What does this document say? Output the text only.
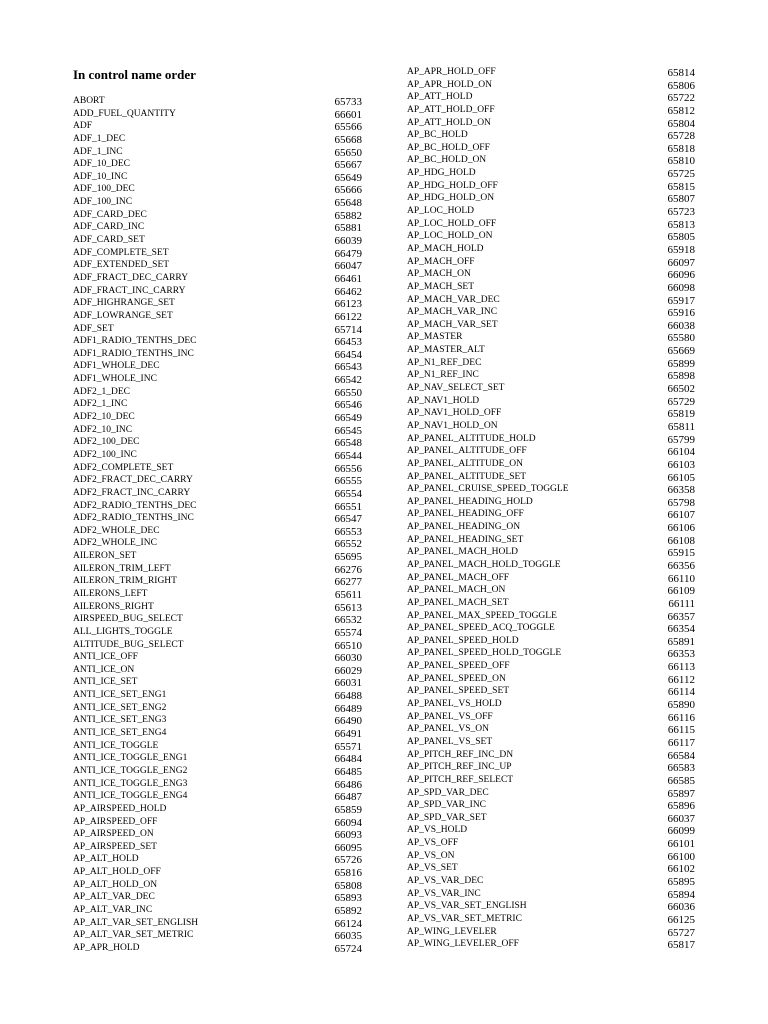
In control name order
ABORT	65733
ADD_FUEL_QUANTITY	66601
ADF	65566
ADF_1_DEC	65668
ADF_1_INC	65650
ADF_10_DEC	65667
ADF_10_INC	65649
ADF_100_DEC	65666
ADF_100_INC	65648
ADF_CARD_DEC	65882
ADF_CARD_INC	65881
ADF_CARD_SET	66039
ADF_COMPLETE_SET	66479
ADF_EXTENDED_SET	66047
ADF_FRACT_DEC_CARRY	66461
ADF_FRACT_INC_CARRY	66462
ADF_HIGHRANGE_SET	66123
ADF_LOWRANGE_SET	66122
ADF_SET	65714
ADF1_RADIO_TENTHS_DEC	66453
ADF1_RADIO_TENTHS_INC	66454
ADF1_WHOLE_DEC	66543
ADF1_WHOLE_INC	66542
ADF2_1_DEC	66550
ADF2_1_INC	66546
ADF2_10_DEC	66549
ADF2_10_INC	66545
ADF2_100_DEC	66548
ADF2_100_INC	66544
ADF2_COMPLETE_SET	66556
ADF2_FRACT_DEC_CARRY	66555
ADF2_FRACT_INC_CARRY	66554
ADF2_RADIO_TENTHS_DEC	66551
ADF2_RADIO_TENTHS_INC	66547
ADF2_WHOLE_DEC	66553
ADF2_WHOLE_INC	66552
AILERON_SET	65695
AILERON_TRIM_LEFT	66276
AILERON_TRIM_RIGHT	66277
AILERONS_LEFT	65611
AILERONS_RIGHT	65613
AIRSPEED_BUG_SELECT	66532
ALL_LIGHTS_TOGGLE	65574
ALTITUDE_BUG_SELECT	66510
ANTI_ICE_OFF	66030
ANTI_ICE_ON	66029
ANTI_ICE_SET	66031
ANTI_ICE_SET_ENG1	66488
ANTI_ICE_SET_ENG2	66489
ANTI_ICE_SET_ENG3	66490
ANTI_ICE_SET_ENG4	66491
ANTI_ICE_TOGGLE	65571
ANTI_ICE_TOGGLE_ENG1	66484
ANTI_ICE_TOGGLE_ENG2	66485
ANTI_ICE_TOGGLE_ENG3	66486
ANTI_ICE_TOGGLE_ENG4	66487
AP_AIRSPEED_HOLD	65859
AP_AIRSPEED_OFF	66094
AP_AIRSPEED_ON	66093
AP_AIRSPEED_SET	66095
AP_ALT_HOLD	65726
AP_ALT_HOLD_OFF	65816
AP_ALT_HOLD_ON	65808
AP_ALT_VAR_DEC	65893
AP_ALT_VAR_INC	65892
AP_ALT_VAR_SET_ENGLISH	66124
AP_ALT_VAR_SET_METRIC	66035
AP_APR_HOLD	65724
AP_APR_HOLD_OFF	65814
AP_APR_HOLD_ON	65806
AP_ATT_HOLD	65722
AP_ATT_HOLD_OFF	65812
AP_ATT_HOLD_ON	65804
AP_BC_HOLD	65728
AP_BC_HOLD_OFF	65818
AP_BC_HOLD_ON	65810
AP_HDG_HOLD	65725
AP_HDG_HOLD_OFF	65815
AP_HDG_HOLD_ON	65807
AP_LOC_HOLD	65723
AP_LOC_HOLD_OFF	65813
AP_LOC_HOLD_ON	65805
AP_MACH_HOLD	65918
AP_MACH_OFF	66097
AP_MACH_ON	66096
AP_MACH_SET	66098
AP_MACH_VAR_DEC	65917
AP_MACH_VAR_INC	65916
AP_MACH_VAR_SET	66038
AP_MASTER	65580
AP_MASTER_ALT	65669
AP_N1_REF_DEC	65899
AP_N1_REF_INC	65898
AP_NAV_SELECT_SET	66502
AP_NAV1_HOLD	65729
AP_NAV1_HOLD_OFF	65819
AP_NAV1_HOLD_ON	65811
AP_PANEL_ALTITUDE_HOLD	65799
AP_PANEL_ALTITUDE_OFF	66104
AP_PANEL_ALTITUDE_ON	66103
AP_PANEL_ALTITUDE_SET	66105
AP_PANEL_CRUISE_SPEED_TOGGLE	66358
AP_PANEL_HEADING_HOLD	65798
AP_PANEL_HEADING_OFF	66107
AP_PANEL_HEADING_ON	66106
AP_PANEL_HEADING_SET	66108
AP_PANEL_MACH_HOLD	65915
AP_PANEL_MACH_HOLD_TOGGLE	66356
AP_PANEL_MACH_OFF	66110
AP_PANEL_MACH_ON	66109
AP_PANEL_MACH_SET	66111
AP_PANEL_MAX_SPEED_TOGGLE	66357
AP_PANEL_SPEED_ACQ_TOGGLE	66354
AP_PANEL_SPEED_HOLD	65891
AP_PANEL_SPEED_HOLD_TOGGLE	66353
AP_PANEL_SPEED_OFF	66113
AP_PANEL_SPEED_ON	66112
AP_PANEL_SPEED_SET	66114
AP_PANEL_VS_HOLD	65890
AP_PANEL_VS_OFF	66116
AP_PANEL_VS_ON	66115
AP_PANEL_VS_SET	66117
AP_PITCH_REF_INC_DN	66584
AP_PITCH_REF_INC_UP	66583
AP_PITCH_REF_SELECT	66585
AP_SPD_VAR_DEC	65897
AP_SPD_VAR_INC	65896
AP_SPD_VAR_SET	66037
AP_VS_HOLD	66099
AP_VS_OFF	66101
AP_VS_ON	66100
AP_VS_SET	66102
AP_VS_VAR_DEC	65895
AP_VS_VAR_INC	65894
AP_VS_VAR_SET_ENGLISH	66036
AP_VS_VAR_SET_METRIC	66125
AP_WING_LEVELER	65727
AP_WING_LEVELER_OFF	65817
